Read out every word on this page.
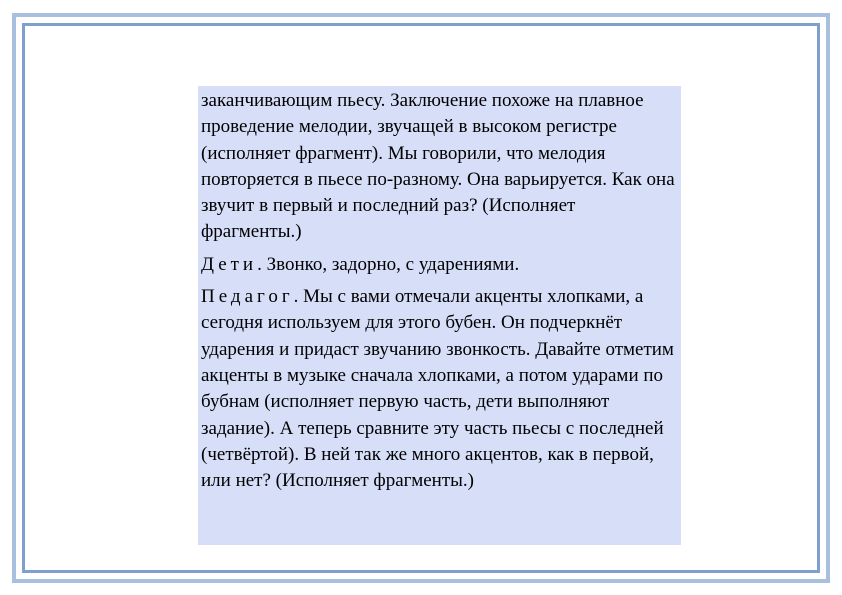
заканчивающим пьесу. Заключение похоже на плавное проведение мелодии, звучащей в высоком регистре (исполняет фрагмент). Мы говорили, что мелодия повторяется в пьесе по-разному. Она варьируется. Как она звучит в первый и последний раз? (Исполняет фрагменты.)

Дети. Звонко, задорно, с ударениями.

Педагог. Мы с вами отмечали акценты хлопками, а сегодня используем для этого бубен. Он подчеркнёт ударения и придаст звучанию звонкость. Давайте отметим акценты в музыке сначала хлопками, а потом ударами по бубнам (исполняет первую часть, дети выполняют задание). А теперь сравните эту часть пьесы с последней (четвёртой). В ней так же много акцентов, как в первой, или нет? (Исполняет фрагменты.)
